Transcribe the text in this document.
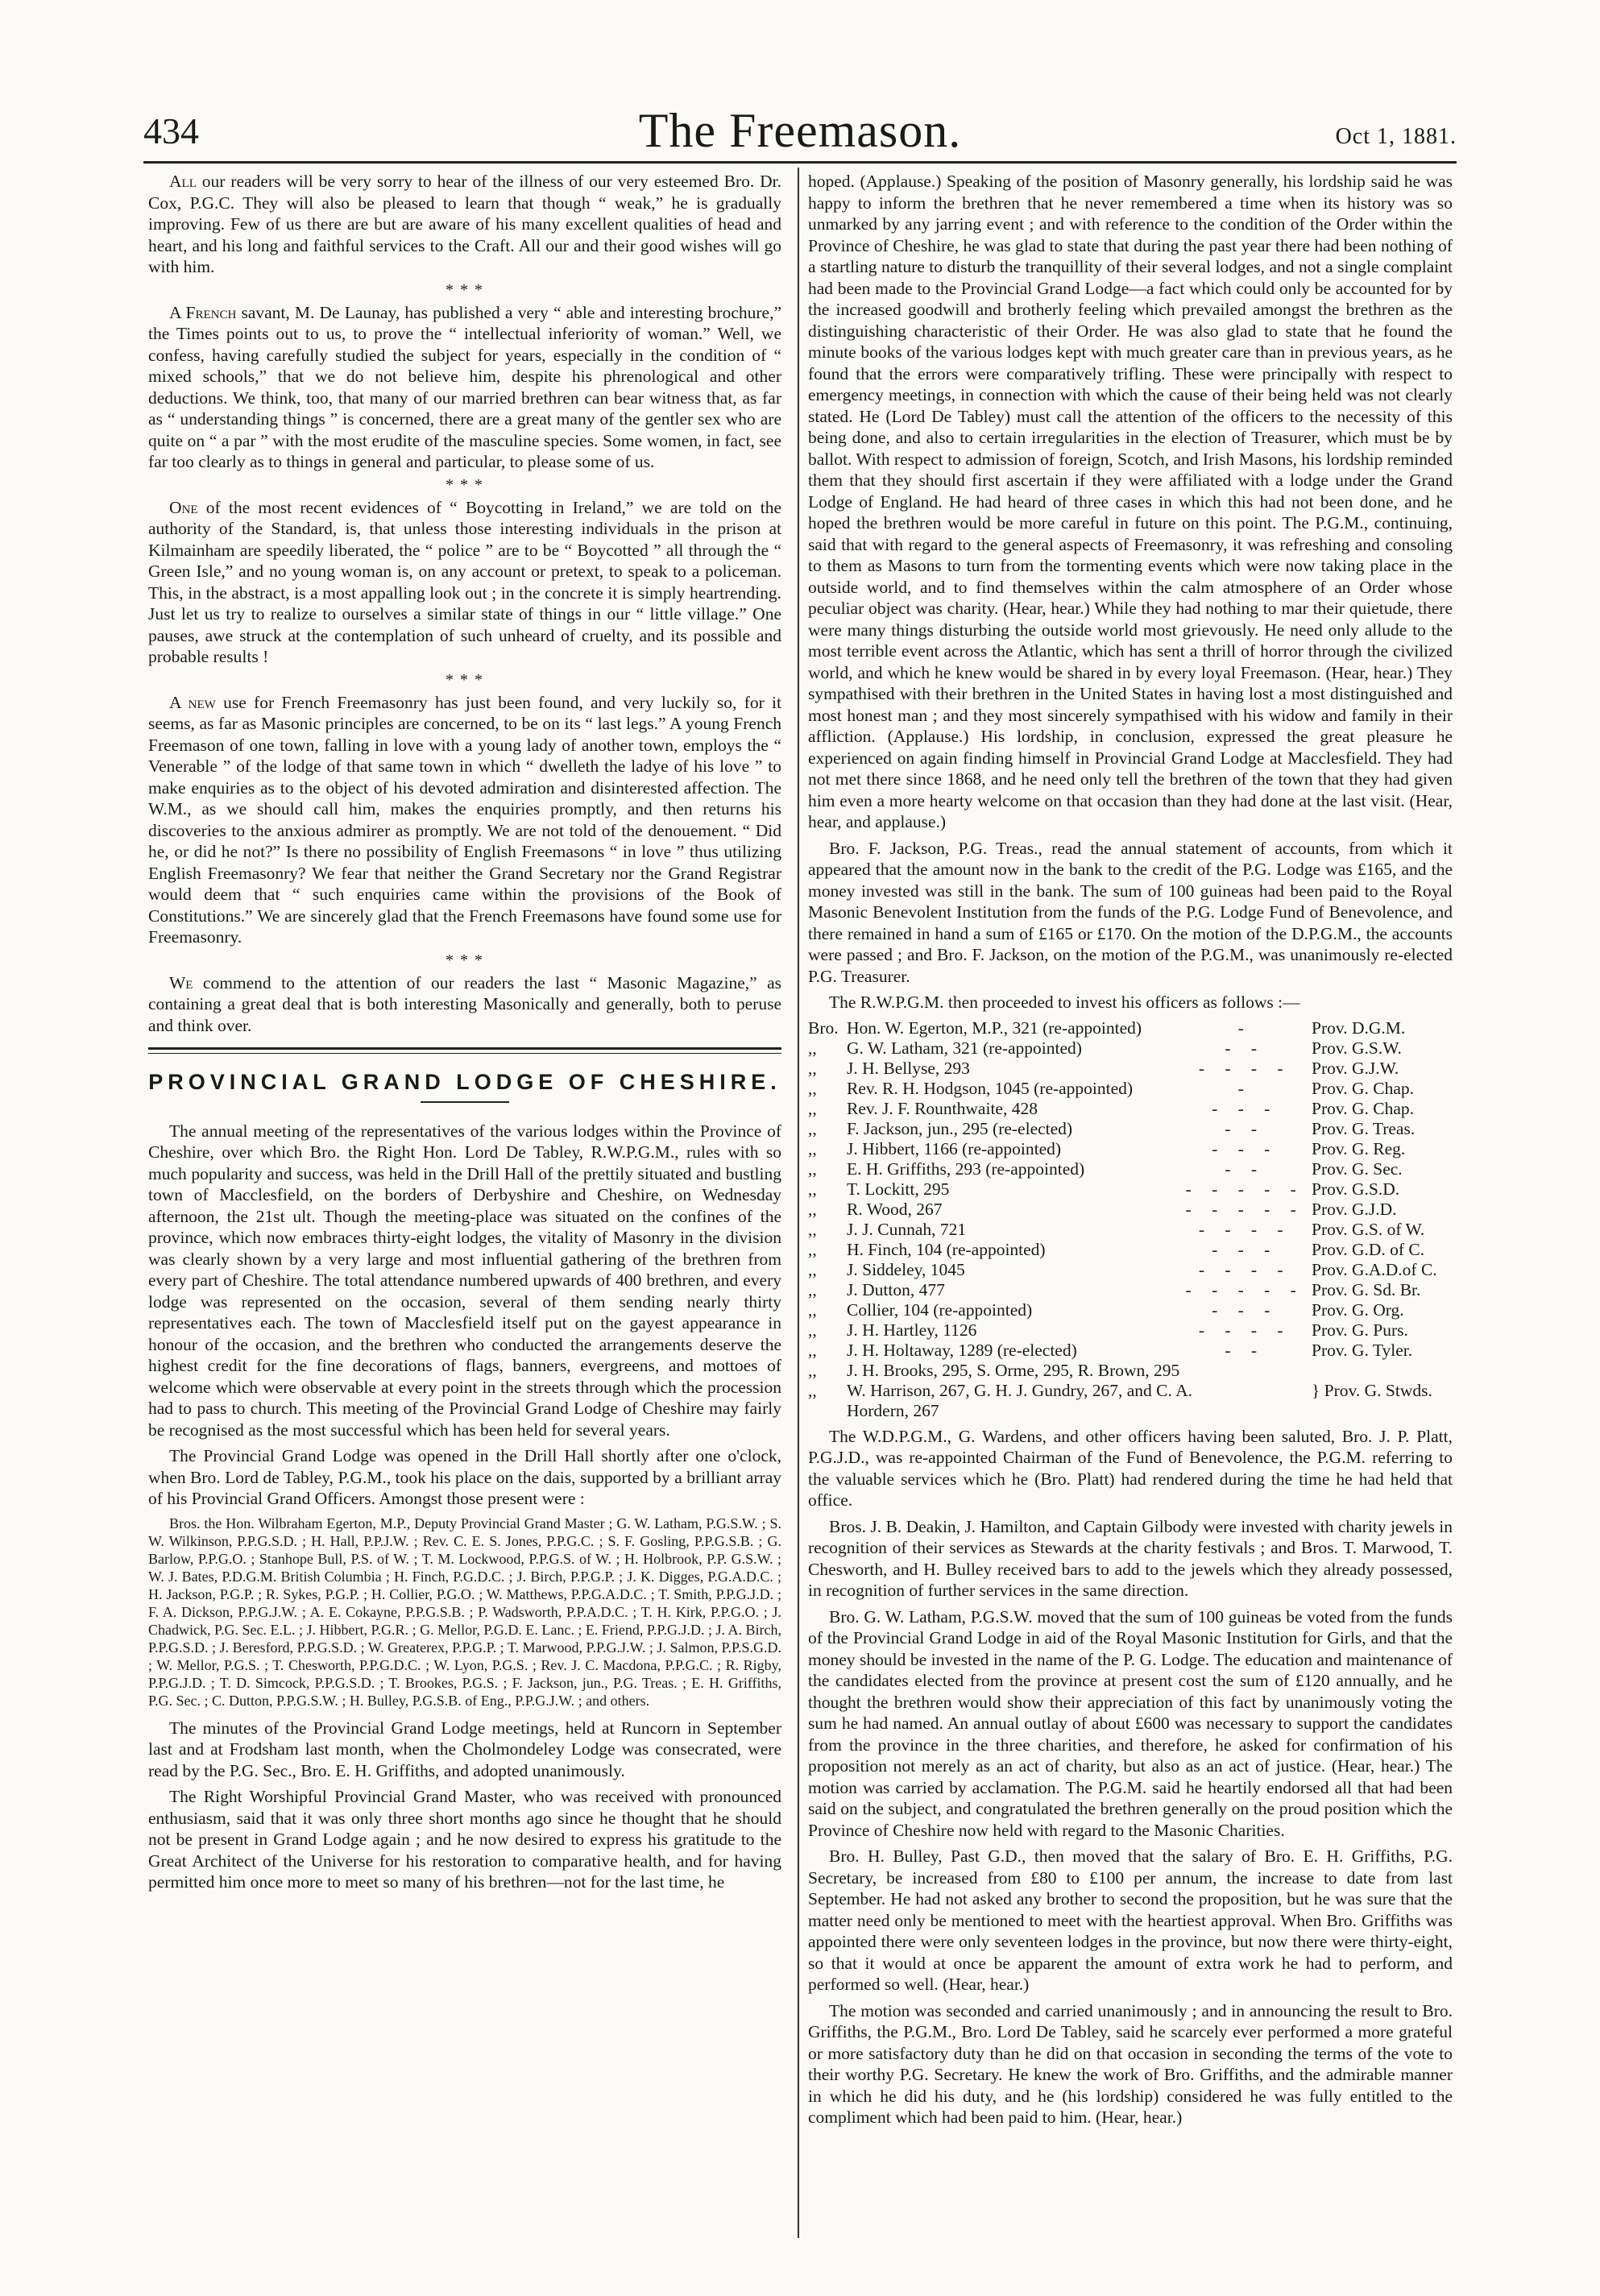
434	The Freemason.	Oct 1, 1881.

All our readers will be very sorry to hear of the illness of our very esteemed Bro. Dr. Cox, P.G.C. They will also be pleased to learn that though “ weak,” he is gradually improving. Few of us there are but are aware of his many excellent qualities of head and heart, and his long and faithful services to the Craft. All our and their good wishes will go with him.

* * *

A French savant, M. De Launay, has published a very “ able and interesting brochure,” the Times points out to us, to prove the “ intellectual inferiority of woman.” Well, we confess, having carefully studied the subject for years, especially in the condition of “ mixed schools,” that we do not believe him, despite his phrenological and other deductions. We think, too, that many of our married brethren can bear witness that, as far as “ understanding things ” is concerned, there are a great many of the gentler sex who are quite on “ a par ” with the most erudite of the masculine species. Some women, in fact, see far too clearly as to things in general and particular, to please some of us.

* * *

One of the most recent evidences of “ Boycotting in Ireland,” we are told on the authority of the Standard, is, that unless those interesting individuals in the prison at Kilmainham are speedily liberated, the “ police ” are to be “ Boycotted ” all through the “ Green Isle,” and no young woman is, on any account or pretext, to speak to a policeman. This, in the abstract, is a most appalling look out ; in the concrete it is simply heartrending. Just let us try to realize to ourselves a similar state of things in our “ little village.” One pauses, awe struck at the contemplation of such unheard of cruelty, and its possible and probable results !

* * *

A new use for French Freemasonry has just been found, and very luckily so, for it seems, as far as Masonic principles are concerned, to be on its “ last legs.” A young French Freemason of one town, falling in love with a young lady of another town, employs the “ Venerable ” of the lodge of that same town in which “ dwelleth the ladye of his love ” to make enquiries as to the object of his devoted admiration and disinterested affection. The W.M., as we should call him, makes the enquiries promptly, and then returns his discoveries to the anxious admirer as promptly. We are not told of the denouement. “ Did he, or did he not?” Is there no possibility of English Freemasons “ in love ” thus utilizing English Freemasonry? We fear that neither the Grand Secretary nor the Grand Registrar would deem that “ such enquiries came within the provisions of the Book of Constitutions.” We are sincerely glad that the French Freemasons have found some use for Freemasonry.

* * *

We commend to the attention of our readers the last “ Masonic Magazine,” as containing a great deal that is both interesting Masonically and generally, both to peruse and think over.

PROVINCIAL GRAND LODGE OF CHESHIRE.

The annual meeting of the representatives of the various lodges within the Province of Cheshire, over which Bro. the Right Hon. Lord De Tabley, R.W.P.G.M., rules with so much popularity and success, was held in the Drill Hall of the prettily situated and bustling town of Macclesfield, on the borders of Derbyshire and Cheshire, on Wednesday afternoon, the 21st ult. Though the meeting-place was situated on the confines of the province, which now embraces thirty-eight lodges, the vitality of Masonry in the division was clearly shown by a very large and most influential gathering of the brethren from every part of Cheshire. The total attendance numbered upwards of 400 brethren, and every lodge was represented on the occasion, several of them sending nearly thirty representatives each. The town of Macclesfield itself put on the gayest appearance in honour of the occasion, and the brethren who conducted the arrangements deserve the highest credit for the fine decorations of flags, banners, evergreens, and mottoes of welcome which were observable at every point in the streets through which the procession had to pass to church. This meeting of the Provincial Grand Lodge of Cheshire may fairly be recognised as the most successful which has been held for several years.

The Provincial Grand Lodge was opened in the Drill Hall shortly after one o'clock, when Bro. Lord de Tabley, P.G.M., took his place on the dais, supported by a brilliant array of his Provincial Grand Officers. Amongst those present were :

Bros. the Hon. Wilbraham Egerton, M.P., Deputy Provincial Grand Master ; G. W. Latham, P.G.S.W. ; S. W. Wilkinson, P.P.G.S.D. ; H. Hall, P.P.J.W. ; Rev. C. E. S. Jones, P.P.G.C. ; S. F. Gosling, P.P.G.S.B. ; G. Barlow, P.P.G.O. ; Stanhope Bull, P.S. of W. ; T. M. Lockwood, P.P.G.S. of W. ; H. Holbrook, P.P. G.S.W. ; W. J. Bates, P.D.G.M. British Columbia ; H. Finch, P.G.D.C. ; J. Birch, P.P.G.P. ; J. K. Digges, P.G.A.D.C. ; H. Jackson, P.G.P. ; R. Sykes, P.G.P. ; H. Collier, P.G.O. ; W. Matthews, P.P.G.A.D.C. ; T. Smith, P.P.G.J.D. ; F. A. Dickson, P.P.G.J.W. ; A. E. Cokayne, P.P.G.S.B. ; P. Wadsworth, P.P.A.D.C. ; T. H. Kirk, P.P.G.O. ; J. Chadwick, P.G. Sec. E.L. ; J. Hibbert, P.G.R. ; G. Mellor, P.G.D. E. Lanc. ; E. Friend, P.P.G.J.D. ; J. A. Birch, P.P.G.S.D. ; J. Beresford, P.P.G.S.D. ; W. Greaterex, P.P.G.P. ; T. Marwood, P.P.G.J.W. ; J. Salmon, P.P.S.G.D. ; W. Mellor, P.G.S. ; T. Chesworth, P.P.G.D.C. ; W. Lyon, P.G.S. ; Rev. J. C. Macdona, P.P.G.C. ; R. Rigby, P.P.G.J.D. ; T. D. Simcock, P.P.G.S.D. ; T. Brookes, P.G.S. ; F. Jackson, jun., P.G. Treas. ; E. H. Griffiths, P.G. Sec. ; C. Dutton, P.P.G.S.W. ; H. Bulley, P.G.S.B. of Eng., P.P.G.J.W. ; and others.

The minutes of the Provincial Grand Lodge meetings, held at Runcorn in September last and at Frodsham last month, when the Cholmondeley Lodge was consecrated, were read by the P.G. Sec., Bro. E. H. Griffiths, and adopted unanimously.

The Right Worshipful Provincial Grand Master, who was received with pronounced enthusiasm, said that it was only three short months ago since he thought that he should not be present in Grand Lodge again ; and he now desired to express his gratitude to the Great Architect of the Universe for his restoration to comparative health, and for having permitted him once more to meet so many of his brethren—not for the last time, he

hoped. (Applause.) Speaking of the position of Masonry generally, his lordship said he was happy to inform the brethren that he never remembered a time when its history was so unmarked by any jarring event ; and with reference to the condition of the Order within the Province of Cheshire, he was glad to state that during the past year there had been nothing of a startling nature to disturb the tranquillity of their several lodges, and not a single complaint had been made to the Provincial Grand Lodge—a fact which could only be accounted for by the increased goodwill and brotherly feeling which prevailed amongst the brethren as the distinguishing characteristic of their Order. He was also glad to state that he found the minute books of the various lodges kept with much greater care than in previous years, as he found that the errors were comparatively trifling. These were principally with respect to emergency meetings, in connection with which the cause of their being held was not clearly stated. He (Lord De Tabley) must call the attention of the officers to the necessity of this being done, and also to certain irregularities in the election of Treasurer, which must be by ballot. With respect to admission of foreign, Scotch, and Irish Masons, his lordship reminded them that they should first ascertain if they were affiliated with a lodge under the Grand Lodge of England. He had heard of three cases in which this had not been done, and he hoped the brethren would be more careful in future on this point. The P.G.M., continuing, said that with regard to the general aspects of Freemasonry, it was refreshing and consoling to them as Masons to turn from the tormenting events which were now taking place in the outside world, and to find themselves within the calm atmosphere of an Order whose peculiar object was charity. (Hear, hear.) While they had nothing to mar their quietude, there were many things disturbing the outside world most grievously. He need only allude to the most terrible event across the Atlantic, which has sent a thrill of horror through the civilized world, and which he knew would be shared in by every loyal Freemason. (Hear, hear.) They sympathised with their brethren in the United States in having lost a most distinguished and most honest man ; and they most sincerely sympathised with his widow and family in their affliction. (Applause.) His lordship, in conclusion, expressed the great pleasure he experienced on again finding himself in Provincial Grand Lodge at Macclesfield. They had not met there since 1868, and he need only tell the brethren of the town that they had given him even a more hearty welcome on that occasion than they had done at the last visit. (Hear, hear, and applause.)

Bro. F. Jackson, P.G. Treas., read the annual statement of accounts, from which it appeared that the amount now in the bank to the credit of the P.G. Lodge was £165, and the money invested was still in the bank. The sum of 100 guineas had been paid to the Royal Masonic Benevolent Institution from the funds of the P.G. Lodge Fund of Benevolence, and there remained in hand a sum of £165 or £170. On the motion of the D.P.G.M., the accounts were passed ; and Bro. F. Jackson, on the motion of the P.G.M., was unanimously re-elected P.G. Treasurer.

The R.W.P.G.M. then proceeded to invest his officers as follows :—

Bro.	Hon. W. Egerton, M.P., 321 (re-appointed)	-	Prov. D.G.M.
,,	G. W. Latham, 321 (re-appointed)	- -	Prov. G.S.W.
,,	J. H. Bellyse, 293	- - - -	Prov. G.J.W.
,,	Rev. R. H. Hodgson, 1045 (re-appointed)	-	Prov. G. Chap.
,,	Rev. J. F. Rounthwaite, 428	- - -	Prov. G. Chap.
,,	F. Jackson, jun., 295 (re-elected)	- -	Prov. G. Treas.
,,	J. Hibbert, 1166 (re-appointed)	- - -	Prov. G. Reg.
,,	E. H. Griffiths, 293 (re-appointed)	- -	Prov. G. Sec.
,,	T. Lockitt, 295	- - - - -	Prov. G.S.D.
,,	R. Wood, 267	- - - - -	Prov. G.J.D.
,,	J. J. Cunnah, 721	- - - -	Prov. G.S. of W.
,,	H. Finch, 104 (re-appointed)	- - -	Prov. G.D. of C.
,,	J. Siddeley, 1045	- - - -	Prov. G.A.D.of C.
,,	J. Dutton, 477	- - - - -	Prov. G. Sd. Br.
,,	Collier, 104 (re-appointed)	- - -	Prov. G. Org.
,,	J. H. Hartley, 1126	- - - -	Prov. G. Purs.
,,	J. H. Holtaway, 1289 (re-elected)	- -	Prov. G. Tyler.
,,	J. H. Brooks, 295, S. Orme, 295, R. Brown, 295		
,,	W. Harrison, 267, G. H. J. Gundry, 267, and C. A.		} Prov. G. Stwds.
	Hordern, 267		

The W.D.P.G.M., G. Wardens, and other officers having been saluted, Bro. J. P. Platt, P.G.J.D., was re-appointed Chairman of the Fund of Benevolence, the P.G.M. referring to the valuable services which he (Bro. Platt) had rendered during the time he had held that office.

Bros. J. B. Deakin, J. Hamilton, and Captain Gilbody were invested with charity jewels in recognition of their services as Stewards at the charity festivals ; and Bros. T. Marwood, T. Chesworth, and H. Bulley received bars to add to the jewels which they already possessed, in recognition of further services in the same direction.

Bro. G. W. Latham, P.G.S.W. moved that the sum of 100 guineas be voted from the funds of the Provincial Grand Lodge in aid of the Royal Masonic Institution for Girls, and that the money should be invested in the name of the P. G. Lodge. The education and maintenance of the candidates elected from the province at present cost the sum of £120 annually, and he thought the brethren would show their appreciation of this fact by unanimously voting the sum he had named. An annual outlay of about £600 was necessary to support the candidates from the province in the three charities, and therefore, he asked for confirmation of his proposition not merely as an act of charity, but also as an act of justice. (Hear, hear.) The motion was carried by acclamation. The P.G.M. said he heartily endorsed all that had been said on the subject, and congratulated the brethren generally on the proud position which the Province of Cheshire now held with regard to the Masonic Charities.

Bro. H. Bulley, Past G.D., then moved that the salary of Bro. E. H. Griffiths, P.G. Secretary, be increased from £80 to £100 per annum, the increase to date from last September. He had not asked any brother to second the proposition, but he was sure that the matter need only be mentioned to meet with the heartiest approval. When Bro. Griffiths was appointed there were only seventeen lodges in the province, but now there were thirty-eight, so that it would at once be apparent the amount of extra work he had to perform, and performed so well. (Hear, hear.)

The motion was seconded and carried unanimously ; and in announcing the result to Bro. Griffiths, the P.G.M., Bro. Lord De Tabley, said he scarcely ever performed a more grateful or more satisfactory duty than he did on that occasion in seconding the terms of the vote to their worthy P.G. Secretary. He knew the work of Bro. Griffiths, and the admirable manner in which he did his duty, and he (his lordship) considered he was fully entitled to the compliment which had been paid to him. (Hear, hear.)
